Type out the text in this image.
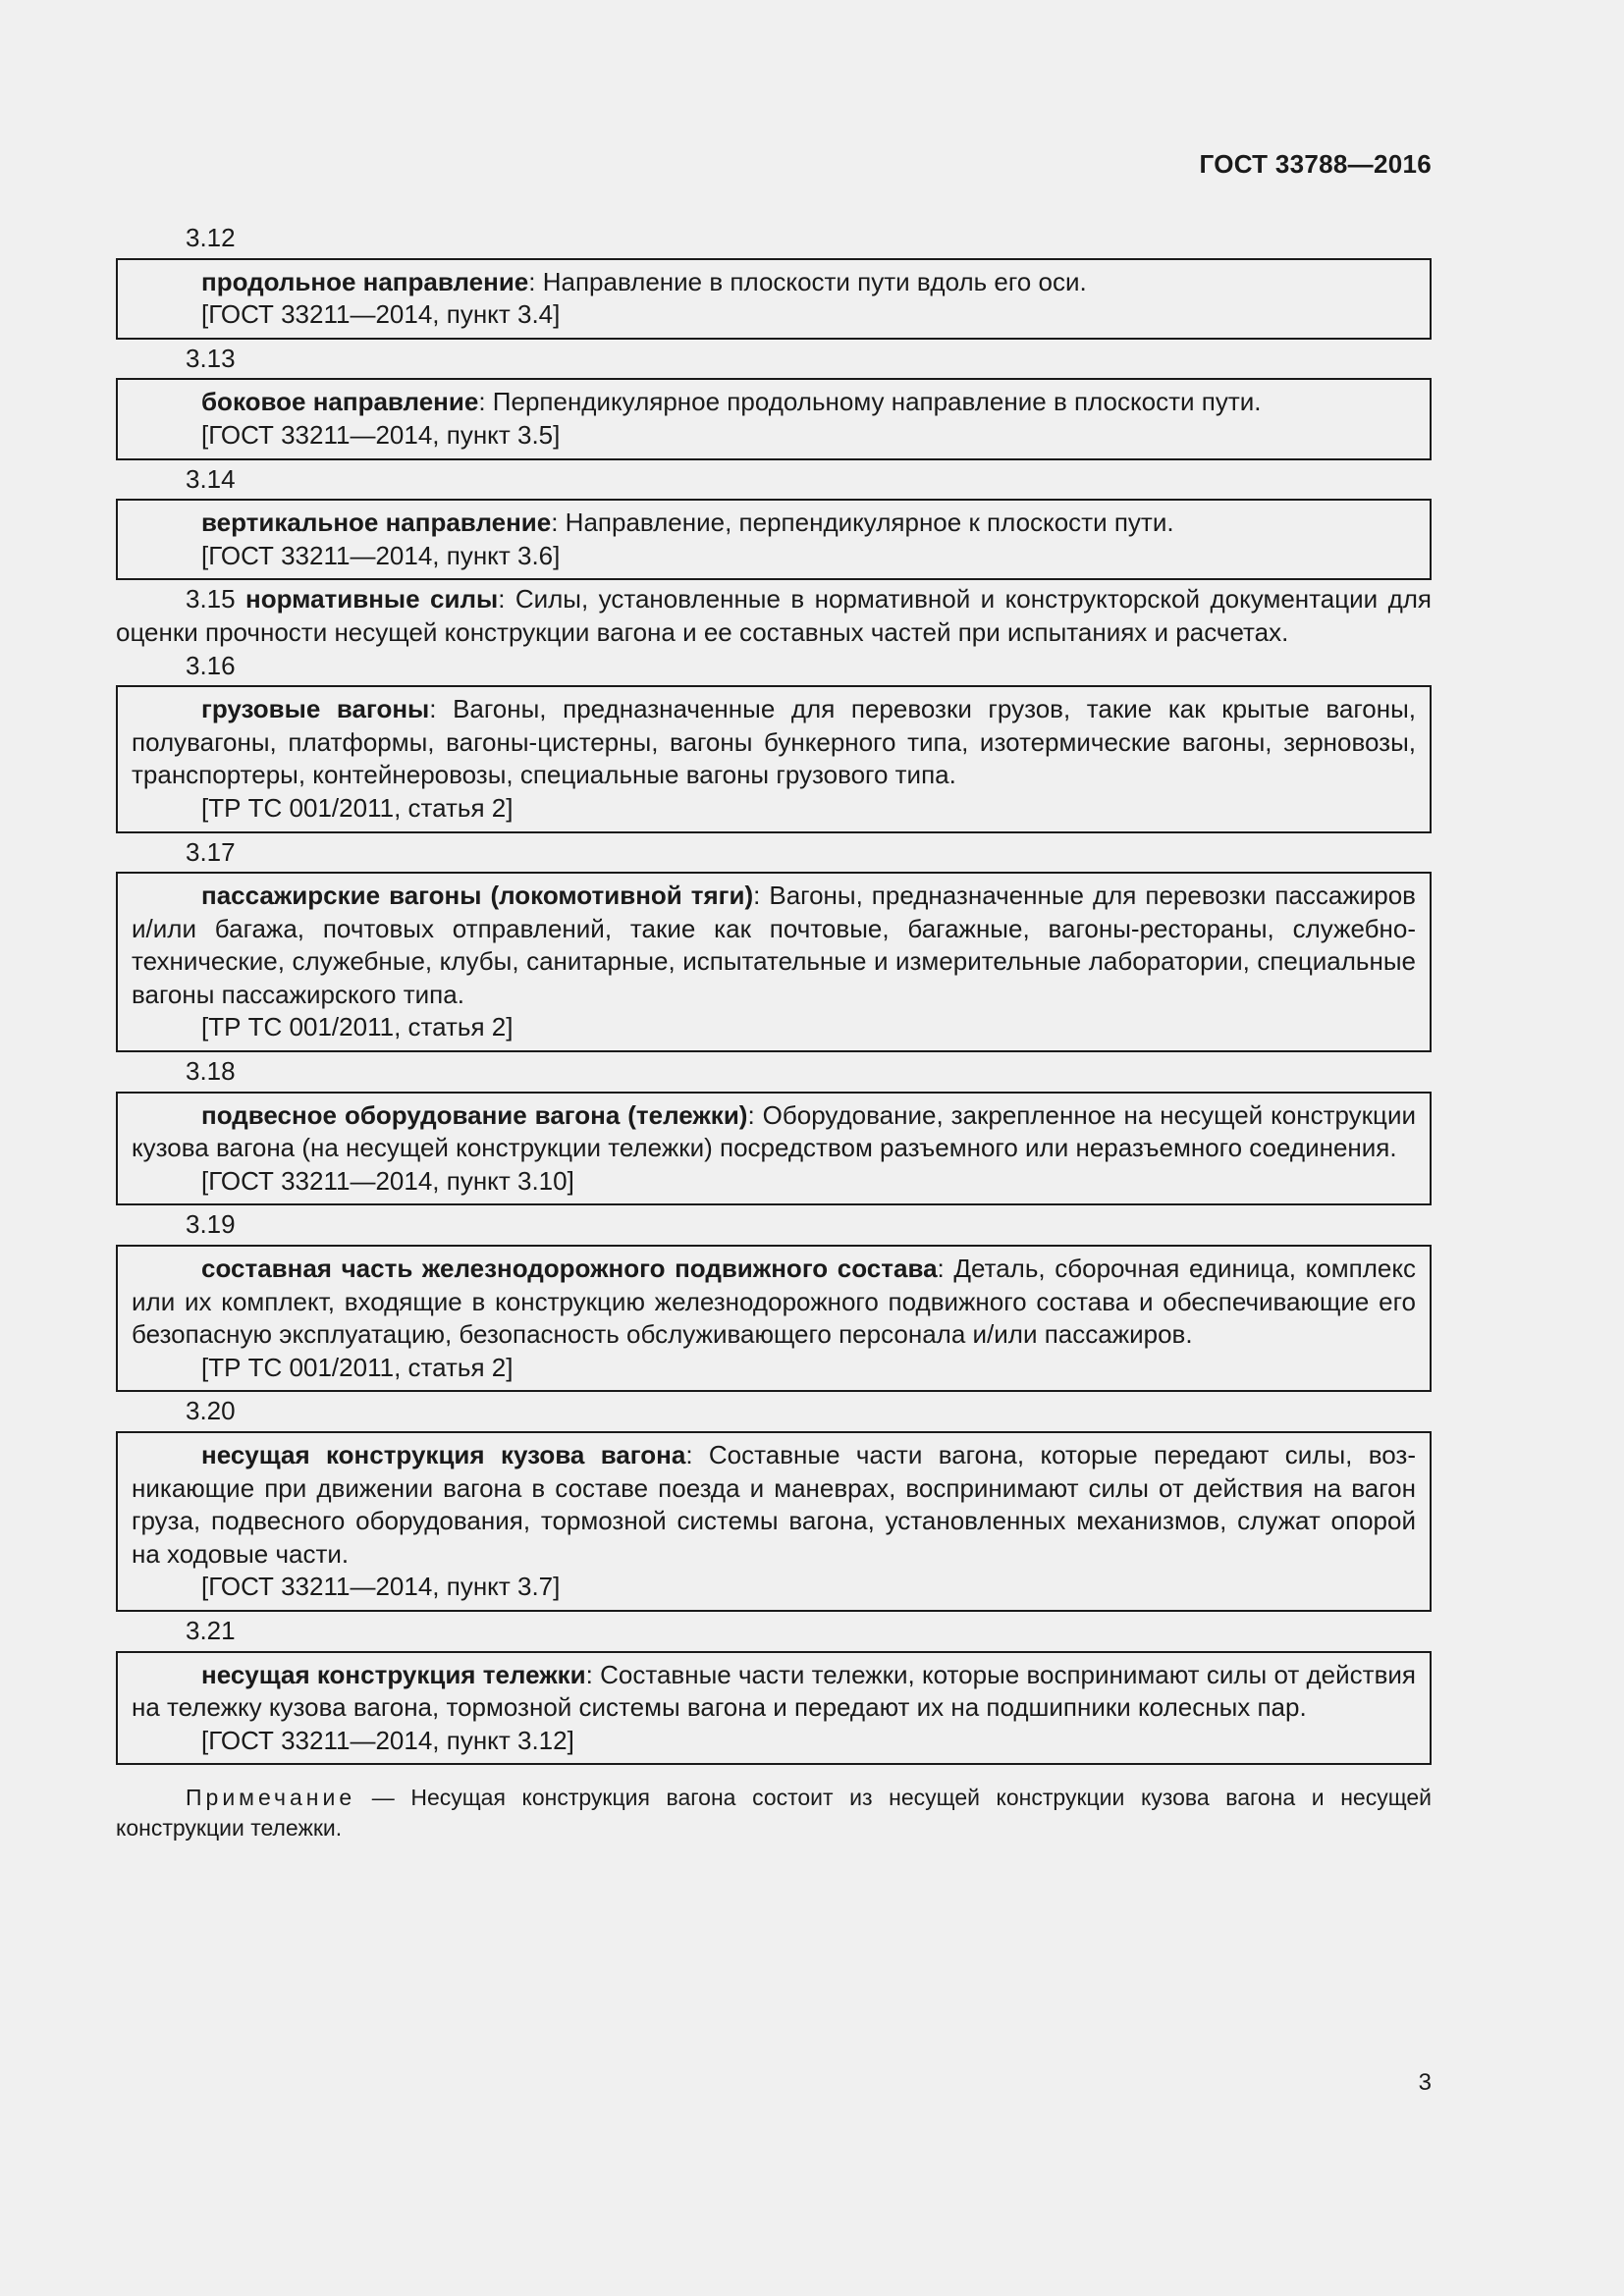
ГОСТ 33788—2016
3.12

продольное направление: Направление в плоскости пути вдоль его оси.

[ГОСТ 33211—2014, пункт 3.4]

3.13

боковое направление: Перпендикулярное продольному направление в плоскости пути.

[ГОСТ 33211—2014, пункт 3.5]

3.14

вертикальное направление: Направление, перпендикулярное к плоскости пути.

[ГОСТ 33211—2014, пункт 3.6]

3.15 нормативные силы: Силы, установленные в нормативной и конструкторской документации для оценки прочности несущей конструкции вагона и ее составных частей при испытаниях и расчетах.

3.16

грузовые вагоны: Вагоны, предназначенные для перевозки грузов, такие как крытые вагоны, полувагоны, платформы, вагоны-цистерны, вагоны бункерного типа, изотермические вагоны, зерновозы, транспортеры, контейнеровозы, специальные вагоны грузового типа.

[ТР ТС 001/2011, статья 2]

3.17

пассажирские вагоны (локомотивной тяги): Вагоны, предназначенные для перевозки пассажиров и/или багажа, почтовых отправлений, такие как почтовые, багажные, вагоны-рестораны, служебно-технические, служебные, клубы, санитарные, испытательные и измерительные лаборатории, специальные вагоны пассажирского типа.

[ТР ТС 001/2011, статья 2]

3.18

подвесное оборудование вагона (тележки): Оборудование, закрепленное на несущей конструкции кузова вагона (на несущей конструкции тележки) посредством разъемного или неразъемного соединения.

[ГОСТ 33211—2014, пункт 3.10]

3.19

составная часть железнодорожного подвижного состава: Деталь, сборочная единица, комплекс или их комплект, входящие в конструкцию железнодорожного подвижного состава и обеспечивающие его безопасную эксплуатацию, безопасность обслуживающего персонала и/или пассажиров.

[ТР ТС 001/2011, статья 2]

3.20

несущая конструкция кузова вагона: Составные части вагона, которые передают силы, возникающие при движении вагона в составе поезда и маневрах, воспринимают силы от действия на вагон груза, подвесного оборудования, тормозной системы вагона, установленных механизмов, служат опорой на ходовые части.

[ГОСТ 33211—2014, пункт 3.7]

3.21

несущая конструкция тележки: Составные части тележки, которые воспринимают силы от действия на тележку кузова вагона, тормозной системы вагона и передают их на подшипники колесных пар.

[ГОСТ 33211—2014, пункт 3.12]

Примечание — Несущая конструкция вагона состоит из несущей конструкции кузова вагона и несущей конструкции тележки.

3
